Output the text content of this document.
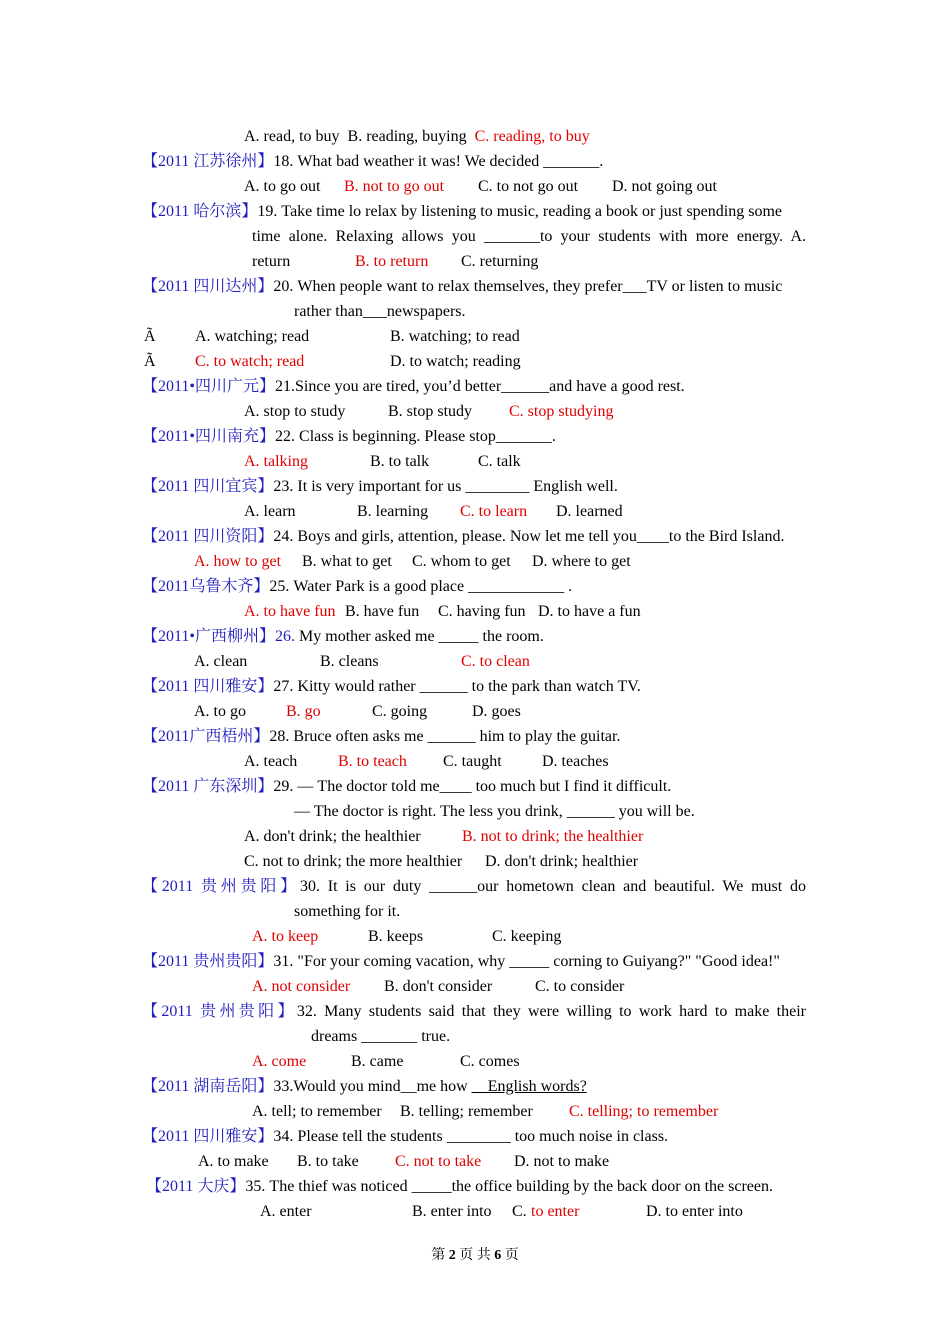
A. read, to buy B. reading, buying C. reading, to buy
【2011 江苏徐州】18. What bad weather it was! We decided _______.
A. to go out B. not to go out C. to not go out D. not going out
【2011 哈尔滨】19. Take time lo relax by listening to music, reading a book or just spending some
time alone. Relaxing allows you _______to your students with more energy. A.
return	B. to return C. returning
【2011 四川达州】20. When people want to relax themselves, they prefer___TV or listen to music
rather than___newspapers.
Ã A. watching; read	B. watching; to read
Ã C. to watch; read	D. to watch; reading
【2011•四川广元】21.Since you are tired, you’d better______and have a good rest.
A. stop to study	B. stop study C. stop studying
【2011•四川南充】22. Class is beginning. Please stop_______.
A. talking	B. to talk	C. talk
【2011 四川宜宾】23. It is very important for us ________ English well.
A. learn	B. learning C. to learn D. learned
【2011 四川资阳】24. Boys and girls, attention, please. Now let me tell you____to the Bird Island.
A. how to get B. what to get C. whom to get D. where to get
【2011乌鲁木齐】25. Water Park is a good place ____________ .
A. to have fun B. have fun C. having fun D. to have a fun
【2011•广西柳州】26. My mother asked me _____ the room.
A. clean	B. cleans	C. to clean
【2011 四川雅安】27. Kitty would rather ______ to the park than watch TV.
A. to go	B. go	C. going	D. goes
【2011广西梧州】28. Bruce often asks me ______ him to play the guitar.
A. teach	B. to teach C. taught	D. teaches
【2011 广东深圳】29. — The doctor told me____ too much but I find it difficult.
— The doctor is right. The less you drink, ______ you will be.
A. don't drink; the healthier	B. not to drink; the healthier
C. not to drink; the more healthier D. don't drink; healthier
【2011 贵州贵阳】30. It is our duty ______our hometown clean and beautiful. We must do
something for it.
A. to keep	B. keeps	C. keeping
【2011 贵州贵阳】31. "For your coming vacation, why _____ corning to Guiyang?" "Good idea!"
A. not consider B. don't consider	C. to consider
【2011 贵州贵阳】32. Many students said that they were willing to work hard to make their
dreams _______ true.
A. come	B. came	C. comes
【2011 湖南岳阳】33.Would you mind__me how __English words?
A. tell; to remember B. telling; remember C. telling; to remember
【2011 四川雅安】34. Please tell the students ________ too much noise in class.
A. to make B. to take C. not to take D. not to make
【2011 大庆】35. The thief was noticed _____the office building by the back door on the screen.
A. enter	B. enter into C. to enter	D. to enter into
第 2 页 共 6 页
